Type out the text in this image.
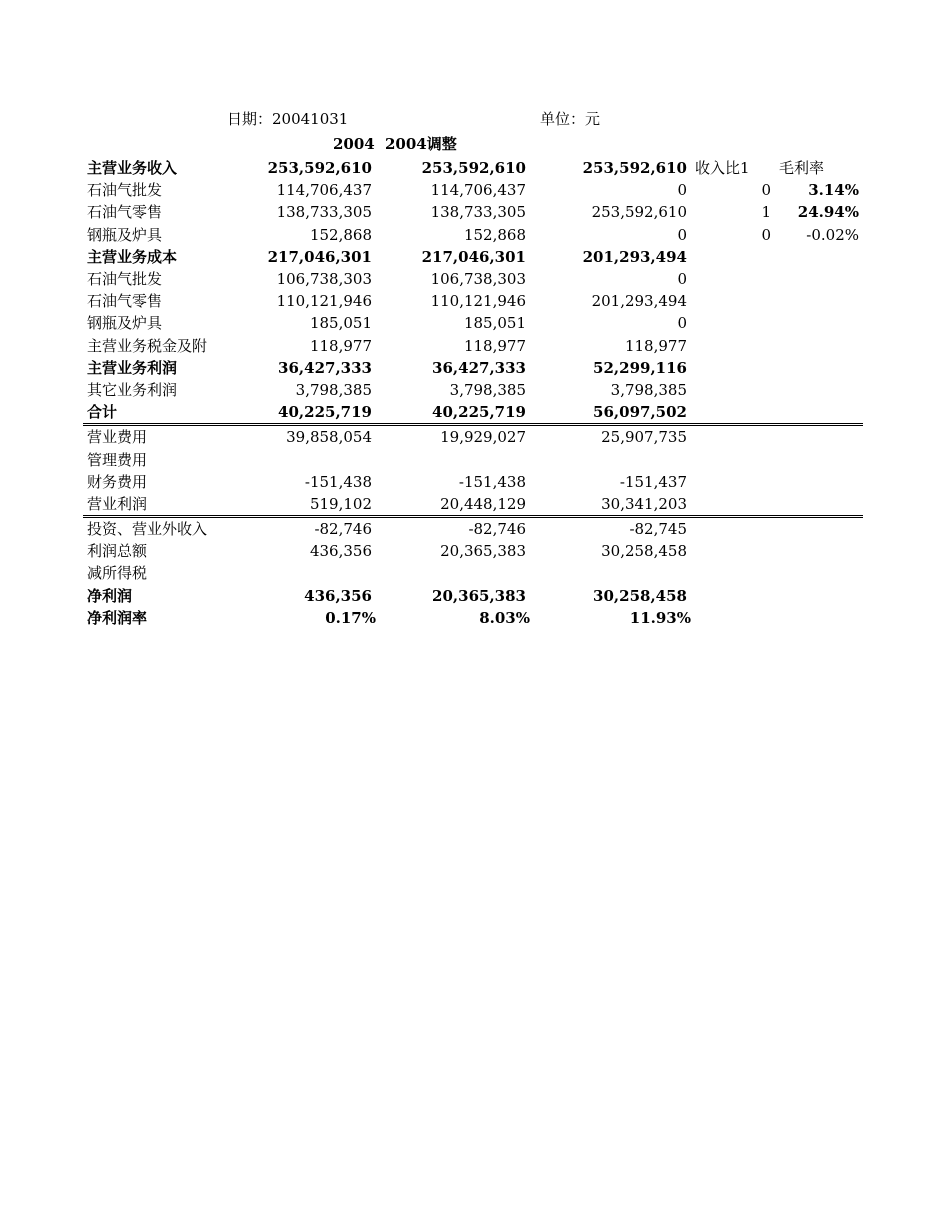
日期：20041031	单位：元
2004 2004调整
主营业务收入	253,592,610	253,592,610	253,592,610	收入比1	毛利率
石油气批发	114,706,437	114,706,437	0	0	3.14%
石油气零售	138,733,305	138,733,305	253,592,610	1	24.94%
钢瓶及炉具	152,868	152,868	0	0	-0.02%
主营业务成本	217,046,301	217,046,301	201,293,494		
石油气批发	106,738,303	106,738,303	0		
石油气零售	110,121,946	110,121,946	201,293,494		
钢瓶及炉具	185,051	185,051	0		
主营业务税金及附	118,977	118,977	118,977		
主营业务利润	36,427,333	36,427,333	52,299,116		
其它业务利润	3,798,385	3,798,385	3,798,385		
合计	40,225,719	40,225,719	56,097,502		
营业费用	39,858,054	19,929,027	25,907,735		
管理费用					
财务费用	-151,438	-151,438	-151,437		
营业利润	519,102	20,448,129	30,341,203		
投资、营业外收入	-82,746	-82,746	-82,745		
利润总额	436,356	20,365,383	30,258,458		
减所得税					
净利润	436,356	20,365,383	30,258,458		
净利润率	0.17%	8.03%	11.93%		
